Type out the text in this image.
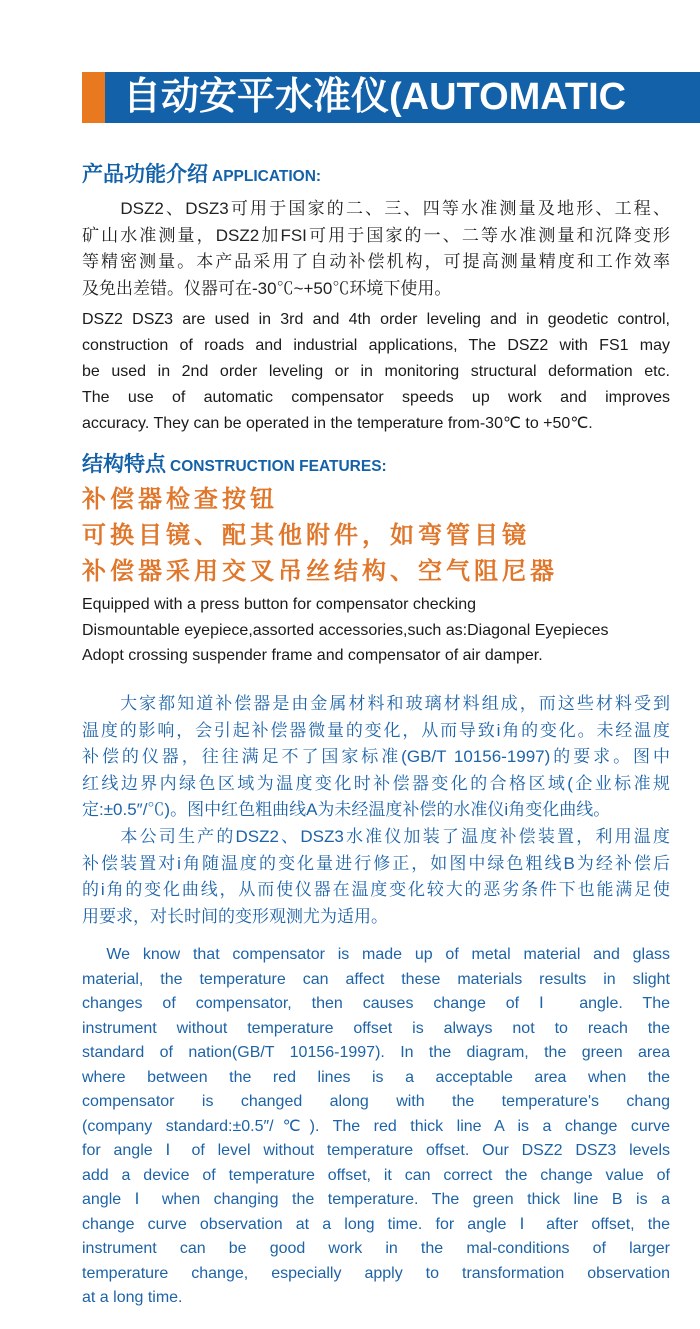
自动安平水准仪(AUTOMATIC
产品功能介绍 APPLICATION:
　　DSZ2、DSZ3可用于国家的二、三、四等水准测量及地形、工程、
矿山水准测量，DSZ2加FSI可用于国家的一、二等水准测量和沉降变形
等精密测量。本产品采用了自动补偿机构，可提高测量精度和工作效率
及免出差错。仪器可在-30℃~+50℃环境下使用。
DSZ2 DSZ3 are used in 3rd and 4th order leveling and in geodetic control,
construction of roads and industrial applications, The DSZ2 with FS1 may
be used in 2nd order leveling or in monitoring structural deformation etc.
The use of automatic compensator speeds up work and improves
accuracy. They can be operated in the temperature from-30℃ to +50℃.
结构特点 CONSTRUCTION FEATURES:
补偿器检查按钮
可换目镜、配其他附件，如弯管目镜
补偿器采用交叉吊丝结构、空气阻尼器
Equipped with a press button for compensator checking
Dismountable eyepiece,assorted accessories,such as:Diagonal Eyepieces
Adopt crossing suspender frame and compensator of air damper.
　　大家都知道补偿器是由金属材料和玻璃材料组成，而这些材料受到
温度的影响，会引起补偿器微量的变化，从而导致i角的变化。未经温度
补偿的仪器，往往满足不了国家标准(GB/T 10156-1997)的要求。图中
红线边界内绿色区域为温度变化时补偿器变化的合格区域(企业标准规
定:±0.5″/℃)。图中红色粗曲线A为未经温度补偿的水准仪i角变化曲线。
　　本公司生产的DSZ2、DSZ3水准仪加装了温度补偿装置，利用温度
补偿装置对i角随温度的变化量进行修正，如图中绿色粗线B为经补偿后
的i角的变化曲线，从而使仪器在温度变化较大的恶劣条件下也能满足使
用要求，对长时间的变形观测尤为适用。
　We know that compensator is made up of metal material and glass
material, the temperature can affect these materials results in slight
changes of compensator, then causes change of Ⅰ angle. The
instrument without temperature offset is always not to reach the
standard of nation(GB/T 10156-1997). In the diagram, the green area
where between the red lines is a acceptable area when the
compensator is changed along with the temperature's chang
(company standard:±0.5″/℃). The red thick line A is a change curve
for angle Ⅰ of level without temperature offset. Our DSZ2 DSZ3 levels
add a device of temperature offset, it can correct the change value of
angle Ⅰ when changing the temperature. The green thick line B is a
change curve observation at a long time. for angle Ⅰ after offset, the
instrument can be good work in the mal-conditions of larger
temperature change, especially apply to transformation observation
at a long time.
